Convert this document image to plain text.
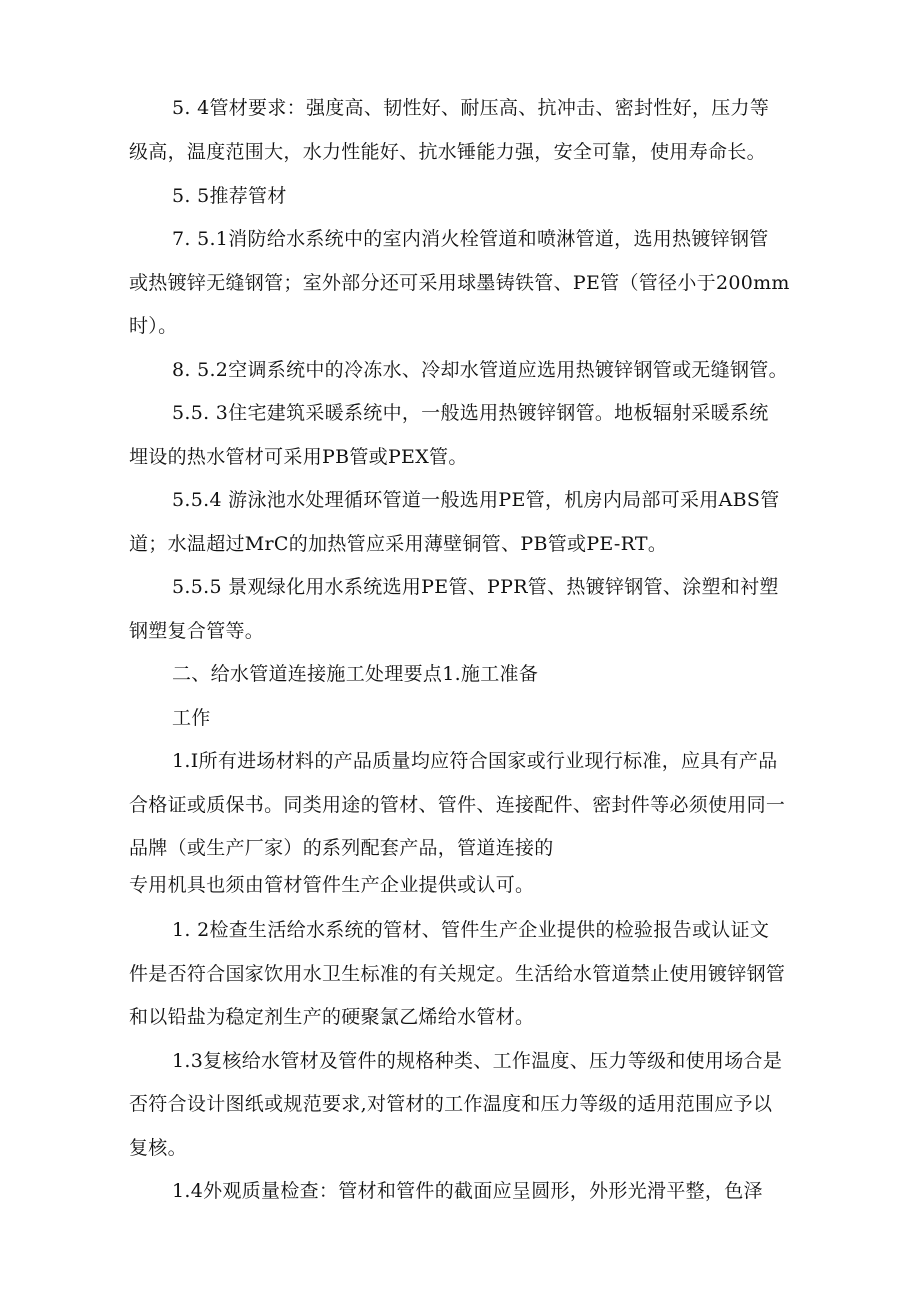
5. 4管材要求：强度高、韧性好、耐压高、抗冲击、密封性好，压力等
级高，温度范围大，水力性能好、抗水锤能力强，安全可靠，使用寿命长。
5. 5推荐管材
7. 5.1消防给水系统中的室内消火栓管道和喷淋管道，选用热镀锌钢管
或热镀锌无缝钢管；室外部分还可采用球墨铸铁管、PE管（管径小于200mm
时）。
8. 5.2空调系统中的冷冻水、冷却水管道应选用热镀锌钢管或无缝钢管。
5.5. 3住宅建筑采暖系统中，一般选用热镀锌钢管。地板辐射采暖系统
埋设的热水管材可采用PB管或PEX管。
5.5.4 游泳池水处理循环管道一般选用PE管，机房内局部可采用ABS管
道；水温超过MrC的加热管应采用薄壁铜管、PB管或PE-RT。
5.5.5 景观绿化用水系统选用PE管、PPR管、热镀锌钢管、涂塑和衬塑
钢塑复合管等。
二、给水管道连接施工处理要点1.施工准备
工作
1.I所有进场材料的产品质量均应符合国家或行业现行标准，应具有产品
合格证或质保书。同类用途的管材、管件、连接配件、密封件等必须使用同一
品牌（或生产厂家）的系列配套产品，管道连接的
专用机具也须由管材管件生产企业提供或认可。
1. 2检查生活给水系统的管材、管件生产企业提供的检验报告或认证文
件是否符合国家饮用水卫生标准的有关规定。生活给水管道禁止使用镀锌钢管
和以铅盐为稳定剂生产的硬聚氯乙烯给水管材。
1.3复核给水管材及管件的规格种类、工作温度、压力等级和使用场合是
否符合设计图纸或规范要求,对管材的工作温度和压力等级的适用范围应予以
复核。
1.4外观质量检查：管材和管件的截面应呈圆形，外形光滑平整，色泽
